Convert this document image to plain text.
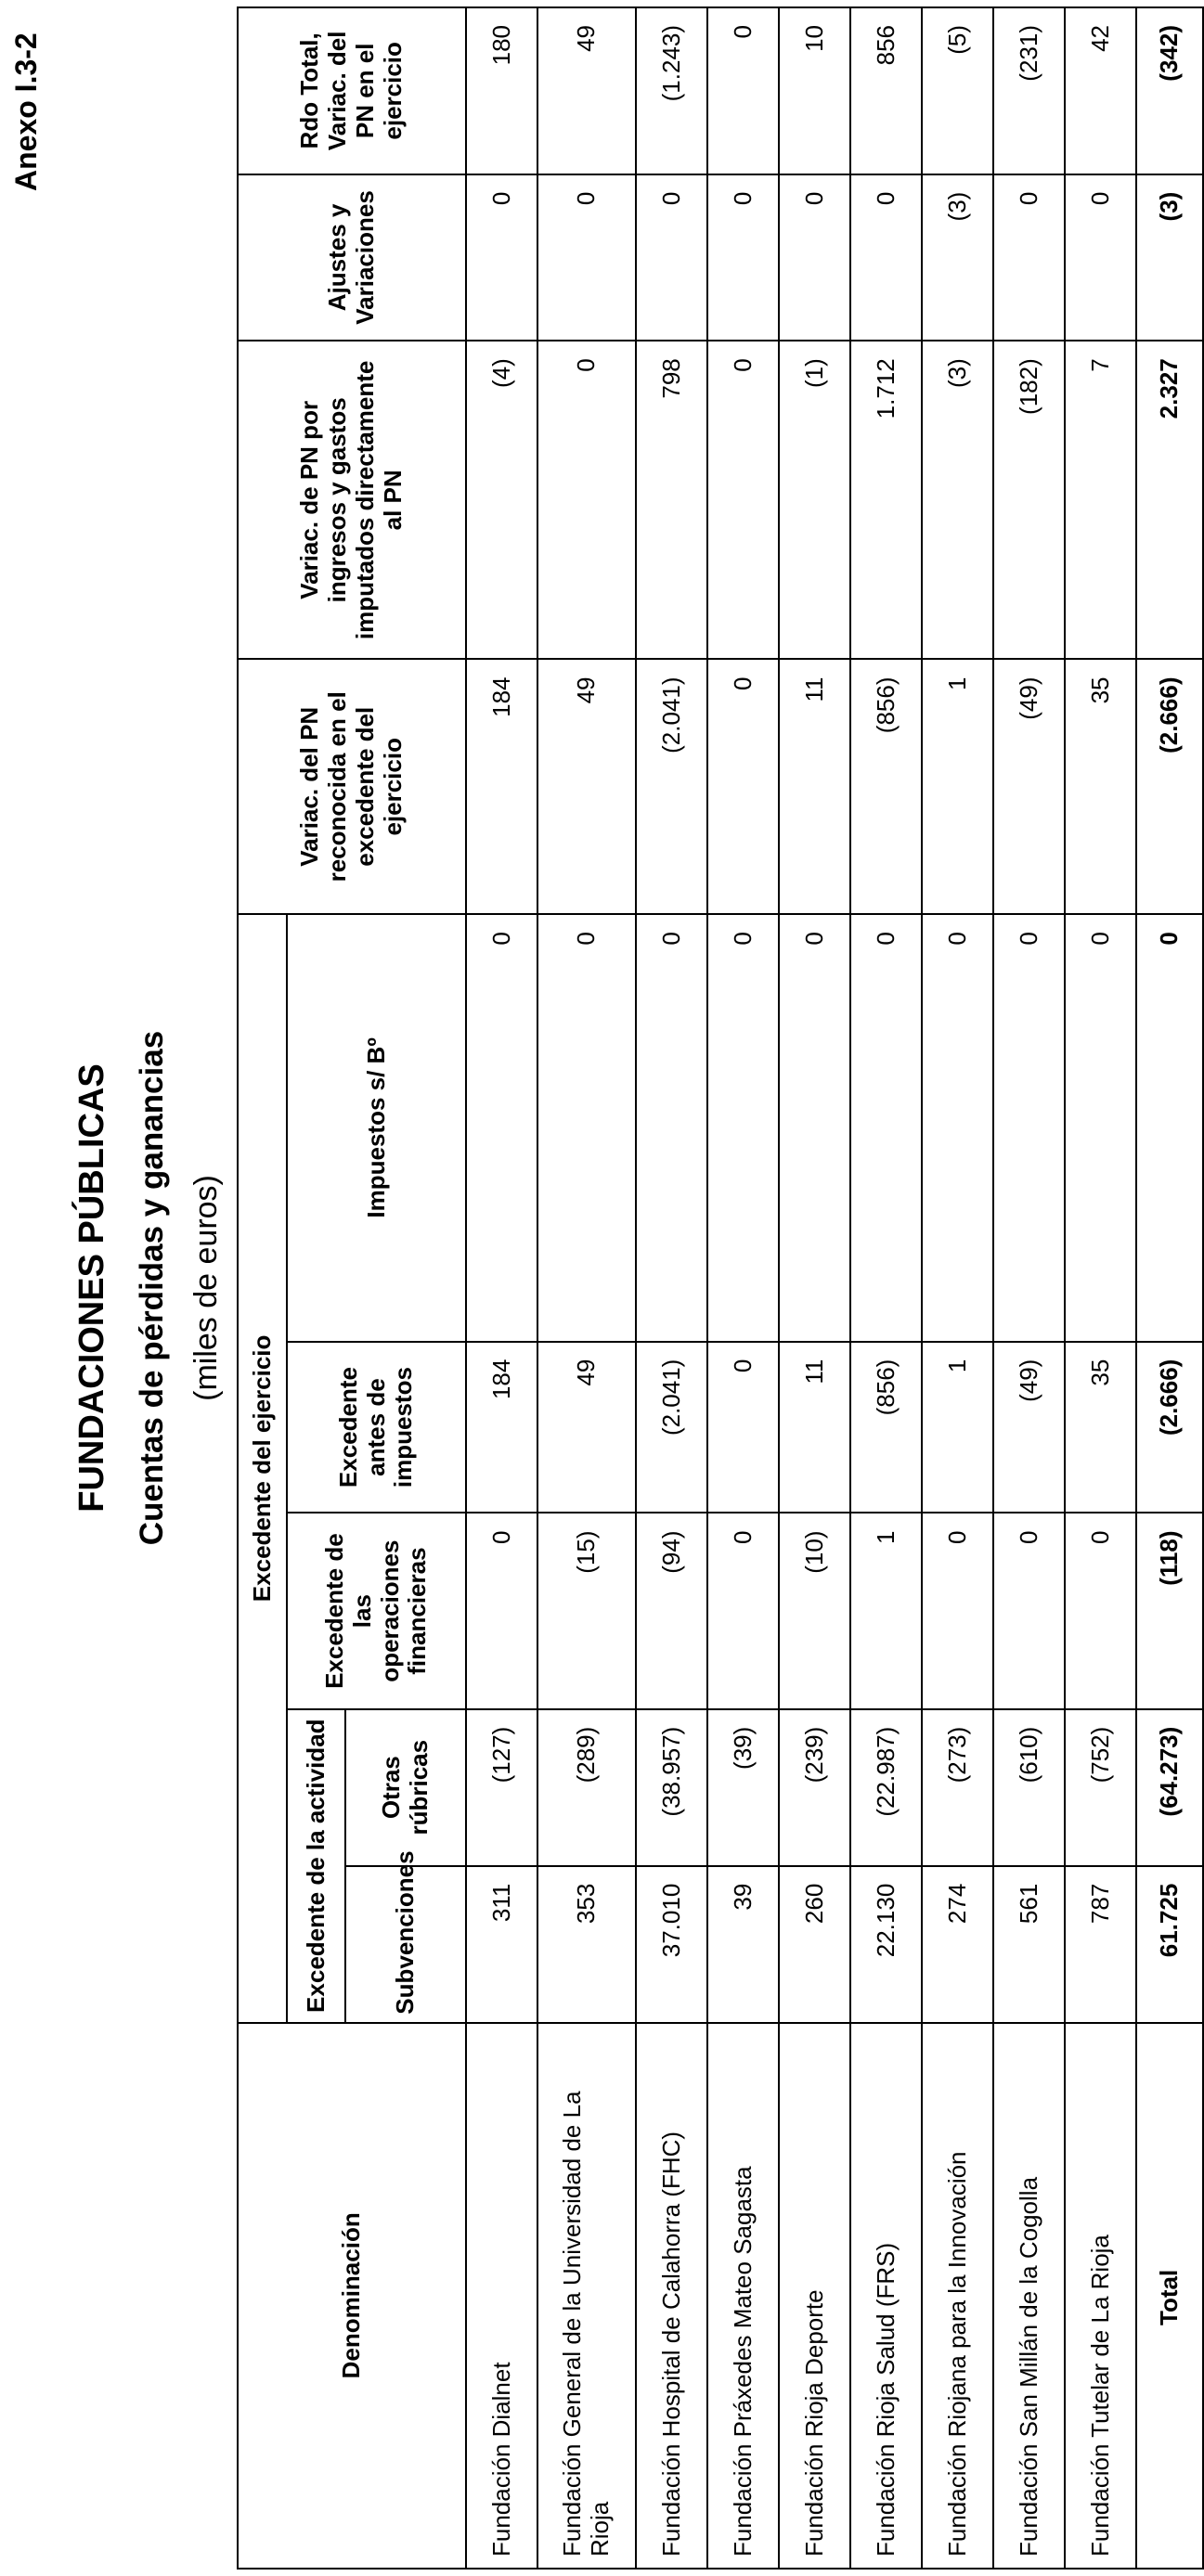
Anexo I.3-2
FUNDACIONES PÚBLICAS Cuentas de pérdidas y ganancias (miles de euros)
Denominación	Excedente del ejercicio					Variac. del PN reconocida en el excedente del ejercicio	Variac. de PN por ingresos y gastos imputados directamente al PN	Ajustes y Variaciones	Rdo Total, Variac. del PN en el ejercicio
	Excedente de la actividad		Excedente de las operaciones financieras	Excedente antes de impuestos	Impuestos s/ Bº				
	Subvenciones	Otras rúbricas							
Fundación Dialnet	311	(127)	0	184	0	184	(4)	0	180
Fundación General de la Universidad de La Rioja	353	(289)	(15)	49	0	49	0	0	49
Fundación Hospital de Calahorra (FHC)	37.010	(38.957)	(94)	(2.041)	0	(2.041)	798	0	(1.243)
Fundación Práxedes Mateo Sagasta	39	(39)	0	0	0	0	0	0	0
Fundación Rioja Deporte	260	(239)	(10)	11	0	11	(1)	0	10
Fundación Rioja Salud (FRS)	22.130	(22.987)	1	(856)	0	(856)	1.712	0	856
Fundación Riojana para la Innovación	274	(273)	0	1	0	1	(3)	(3)	(5)
Fundación San Millán de la Cogolla	561	(610)	0	(49)	0	(49)	(182)	0	(231)
Fundación Tutelar de La Rioja	787	(752)	0	35	0	35	7	0	42
Total	61.725	(64.273)	(118)	(2.666)	0	(2.666)	2.327	(3)	(342)
